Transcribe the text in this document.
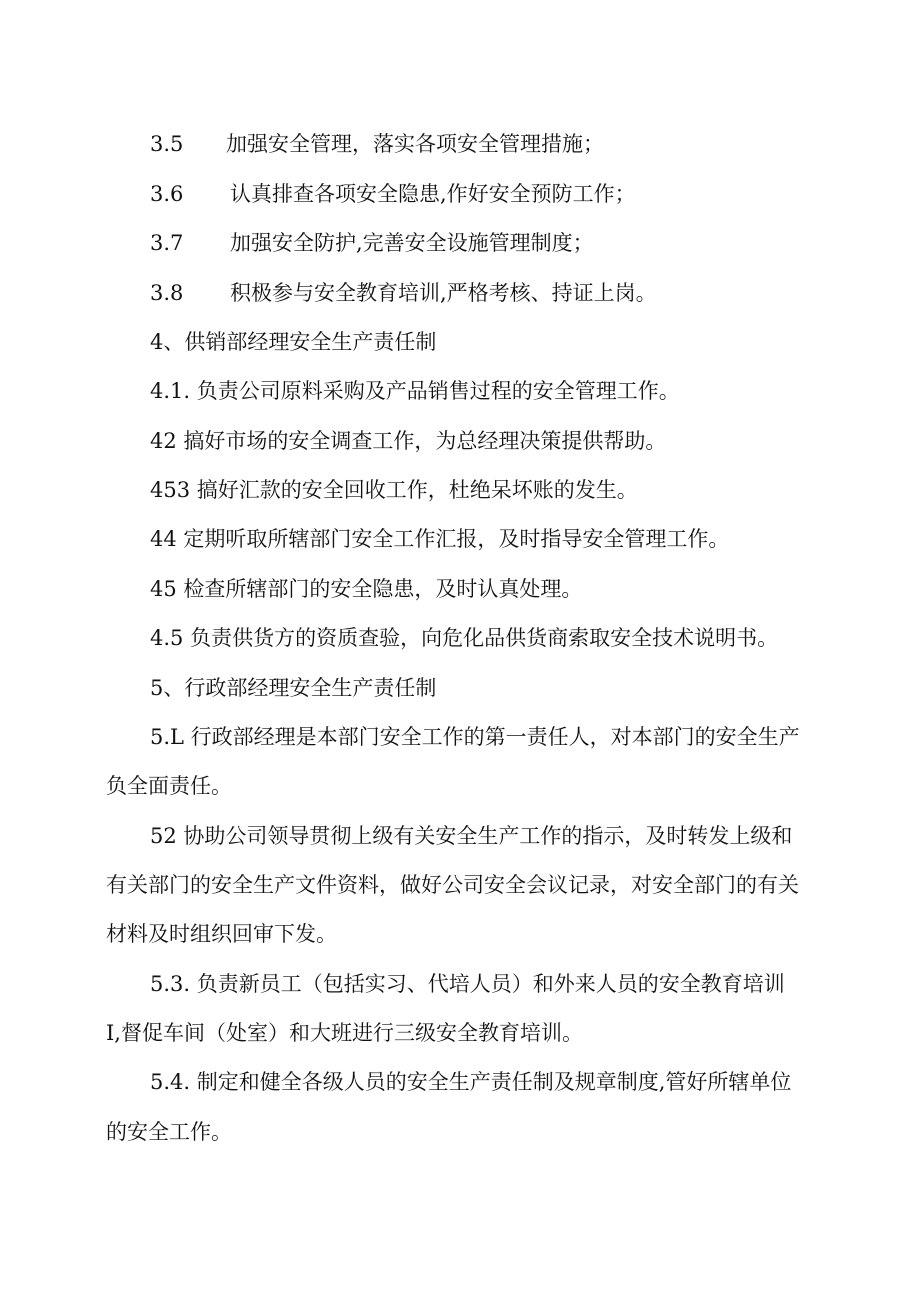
3.5 加强安全管理，落实各项安全管理措施；
3.6 认真排查各项安全隐患,作好安全预防工作；
3.7 加强安全防护,完善安全设施管理制度；
3.8 积极参与安全教育培训,严格考核、持证上岗。
4、供销部经理安全生产责任制
4.1. 负责公司原料采购及产品销售过程的安全管理工作。
42 搞好市场的安全调查工作，为总经理决策提供帮助。
453 搞好汇款的安全回收工作，杜绝呆坏账的发生。
44 定期听取所辖部门安全工作汇报，及时指导安全管理工作。
45 检查所辖部门的安全隐患，及时认真处理。
4.5 负责供货方的资质查验，向危化品供货商索取安全技术说明书。
5、行政部经理安全生产责任制
5.L 行政部经理是本部门安全工作的第一责任人，对本部门的安全生产
负全面责任。
52 协助公司领导贯彻上级有关安全生产工作的指示，及时转发上级和
有关部门的安全生产文件资料，做好公司安全会议记录，对安全部门的有关
材料及时组织回审下发。
5.3. 负责新员工（包括实习、代培人员）和外来人员的安全教育培训
I,督促车间（处室）和大班进行三级安全教育培训。
5.4. 制定和健全各级人员的安全生产责任制及规章制度,管好所辖单位
的安全工作。
